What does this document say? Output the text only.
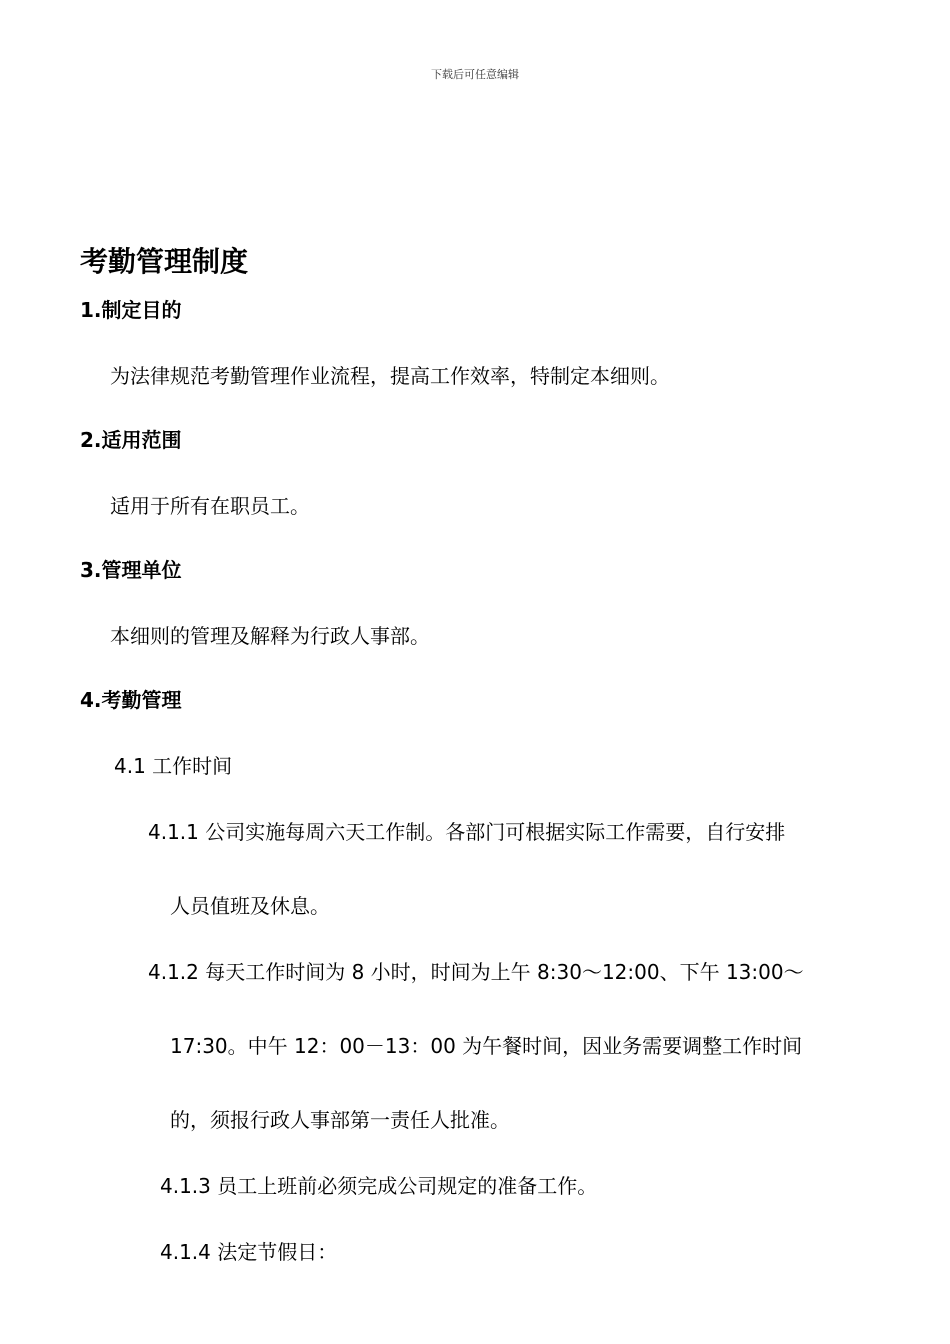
下载后可任意编辑
考勤管理制度
1.制定目的
为法律规范考勤管理作业流程，提高工作效率，特制定本细则。
2.适用范围
适用于所有在职员工。
3.管理单位
本细则的管理及解释为行政人事部。
4.考勤管理
4.1 工作时间
4.1.1 公司实施每周六天工作制。各部门可根据实际工作需要，自行安排
人员值班及休息。
4.1.2 每天工作时间为 8 小时，时间为上午 8:30～12:00、下午 13:00～
17:30。中午 12：00－13：00 为午餐时间，因业务需要调整工作时间
的，须报行政人事部第一责任人批准。
4.1.3 员工上班前必须完成公司规定的准备工作。
4.1.4 法定节假日：
